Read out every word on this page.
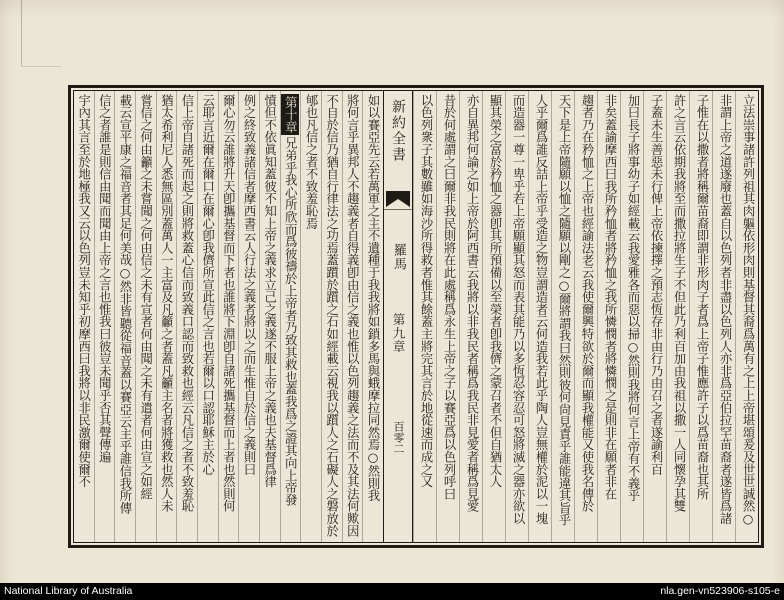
立法崇事諸許列祖其肉軀依形肉則基督其裔爲萬有之上上帝堪頌爰及世世誠然○
非謂上帝之道遂廢也蓋自以色列者非盡以色列人亦非爲亞伯拉罕苗裔者遂皆爲諸
子惟在以撒者將稱爾苗裔即謂非形肉子者爲上帝子惟應許子以爲苗裔也其所
許之言云依期我將至而撒拉將生子不但此乃利百加由我祖以撒一人同懷孕其雙
子蓋未生善惡未行俾上帝依揀擇之預志恆存非由行乃由召之者遂諭利百
加曰長子將事幼子如經載云我愛雅各而惡以掃○然則我將何言上帝有不義乎
非矣蓋諭摩西曰我所矜恤者將矜恤之我所憐憫者將憐憫之是則非在願者非在
趨者乃在矜恤之上帝也經諭法老云我使爾興特欲於爾而顯我權能又使我名傳於
天下是上帝隨願以恤之隨願以剛之○爾將謂我曰然則彼何尙見責乎誰能違其旨乎
人乎爾爲誰反詰上帝乎受造之物豈謂造者云何造我若此乎陶人豈無權於泥以一塊
而造器一尊一卑乎若上帝願顯其怒而表其能乃以多恆忍容忍可怒將滅之器亦欲以
顯其榮之富於矜恤之器卽其所預備以至榮者卽我儕之蒙召者不但自猶太人
亦自異邦何論之如上帝於阿西書云我將以非我民者稱爲我民非見愛者稱爲見愛
昔於何處謂之曰爾非我民則將在此處稱爲永生上帝之子以賽亞爲以色列呼曰
以色列衆子其數雖如海沙所得救者惟其餘蓋主將完其言於地從速而成之又
新約全書
羅馬
第九章
百零二
如以賽亞先云若萬軍之主不遺種于我我將如鎖多馬與蛾摩拉同然焉○然則我
將何言乎異邦人不趨義者自得義卽由信之義也惟以色列趨義之法而不及其法何歟因
不自於信乃猶自行律法之功焉蓋躓於躓之石如經載云視我以躓人之石礙人之磐放於
郇也凡信之者不致羞恥焉
第十章兄弟乎我心所欣而爲彼禱於上帝者乃致其救也蓋我爲之證其向上帝發
憤但不依眞知蓋彼不知上帝之義求立己之義遂不服上帝之義也夫基督爲律
例之終致義諸信者摩西書云人行法之義者將以之而生惟自於信之義則曰
爾心勿云誰將升天卽攜基督而下者也誰將下淵卽自諸死攜基督而上者也然則何
云耶言近爾在爾口在爾心卽我儕所宣此信之言也若爾以口認耶穌主於心
信上帝自諸死而起之則將救蓋心信而致義口認而致救也經云凡信之者不致羞恥
猶太希利尼人悉無區別蓋萬人一主富及凡籲之者蓋凡籲主名者將獲救也然人未
嘗信之何由籲之未嘗聞之何由信之未有宣者何由聞之未有遣者何由宣之如經
載云宣平康之福音者其足何美哉○然非皆聽從福音蓋以賽亞云主乎誰信我所傳
信之者誰是則信由聞而聞由上帝之言也惟我曰彼豈未聞乎否其聲傳遍
宇內其言至於地極我又云以色列豈未知乎初摩西曰我將以非民激爾使爾不
National Library of Australia	nla.gen-vn523906-s105-e
